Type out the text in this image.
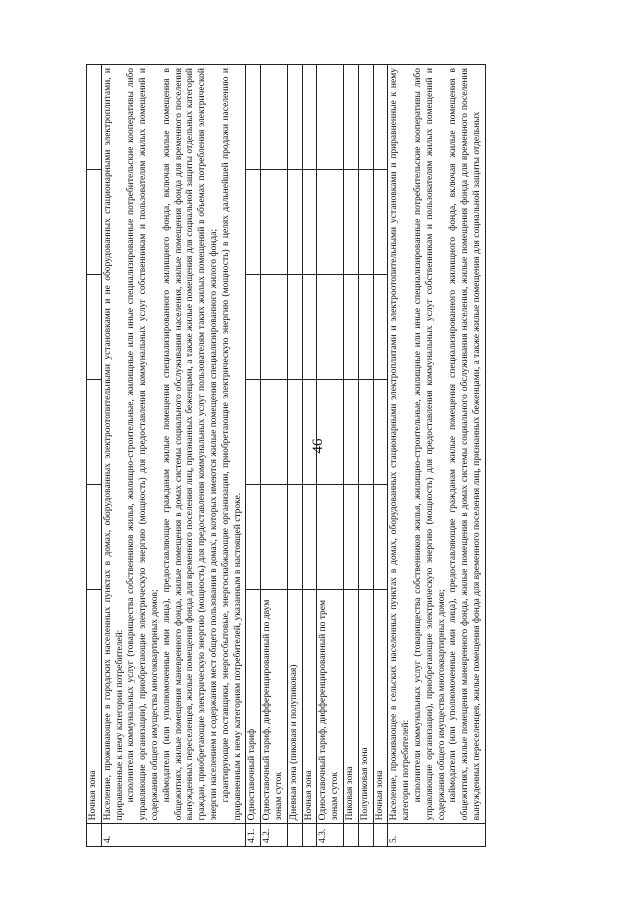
46
	Ночная зона					
4.	Население, проживающее в городских населенных пунктах в домах, оборудованных электроотопительными установками и не оборудованных стационарными электроплитами, и приравненные к нему категории потребителей: исполнители коммунальных услуг (товарищества собственников жилья, жилищно-строительные, жилищные или иные специализированные потребительские кооперативы либо управляющие организации), приобретающие электрическую энергию (мощность) для предоставления коммунальных услуг собственникам и пользователям жилых помещений и содержания общего имущества многоквартирных домов; наймодатели (или уполномоченные ими лица), предоставляющие гражданам жилые помещения специализированного жилищного фонда, включая жилые помещения в общежитиях, жилые помещения маневренного фонда, жилые помещения в домах системы социального обслуживания населения, жилые помещения фонда для временного поселения вынужденных переселенцев, жилые помещения фонда для временного поселения лиц, признанных беженцами, а также жилые помещения для социальной защиты отдельных категорий граждан, приобретающие электрическую энергию (мощность) для предоставления коммунальных услуг пользователям таких жилых помещений в объемах потребления электрической энергии населением и содержания мест общего пользования в домах, в которых имеются жилые помещения специализированного жилого фонда; гарантирующие поставщики, энергосбытовые, энергоснабжающие организации, приобретающие электрическую энергию (мощность) в целях дальнейшей продажи населению и приравненным к нему категориям потребителей, указанным в настоящей строке.					

4.1.	Одноставочный тариф					
4.2.	Одноставочный тариф, дифференцированный по двум зонам суток					
	Дневная зона (пиковая и полупиковая)					
	Ночная зона					
4.3.	Одноставочный тариф, дифференцированный по трем зонам суток					
	Пиковая зона					
	Полупиковая зона					
	Ночная зона					
5.	Население, проживающее в сельских населенных пунктах в домах, оборудованных стационарными электроплитами и электроотопительными установками и приравненные к нему категории потребителей: исполнители коммунальных услуг (товарищества собственников жилья, жилищно-строительные, жилищные или иные специализированные потребительские кооперативы либо управляющие организации), приобретающие электрическую энергию (мощность) для предоставления коммунальных услуг собственникам и пользователям жилых помещений и содержания общего имущества многоквартирных домов; наймодатели (или уполномоченные ими лица), предоставляющие гражданам жилые помещения специализированного жилищного фонда, включая жилые помещения в общежитиях, жилые помещения маневренного фонда, жилые помещения в домах системы социального обслуживания населения, жилые помещения фонда для временного поселения вынужденных переселенцев, жилые помещения фонда для временного поселения лиц, признанных беженцами, а также жилые помещения для социальной защиты отдельных					
